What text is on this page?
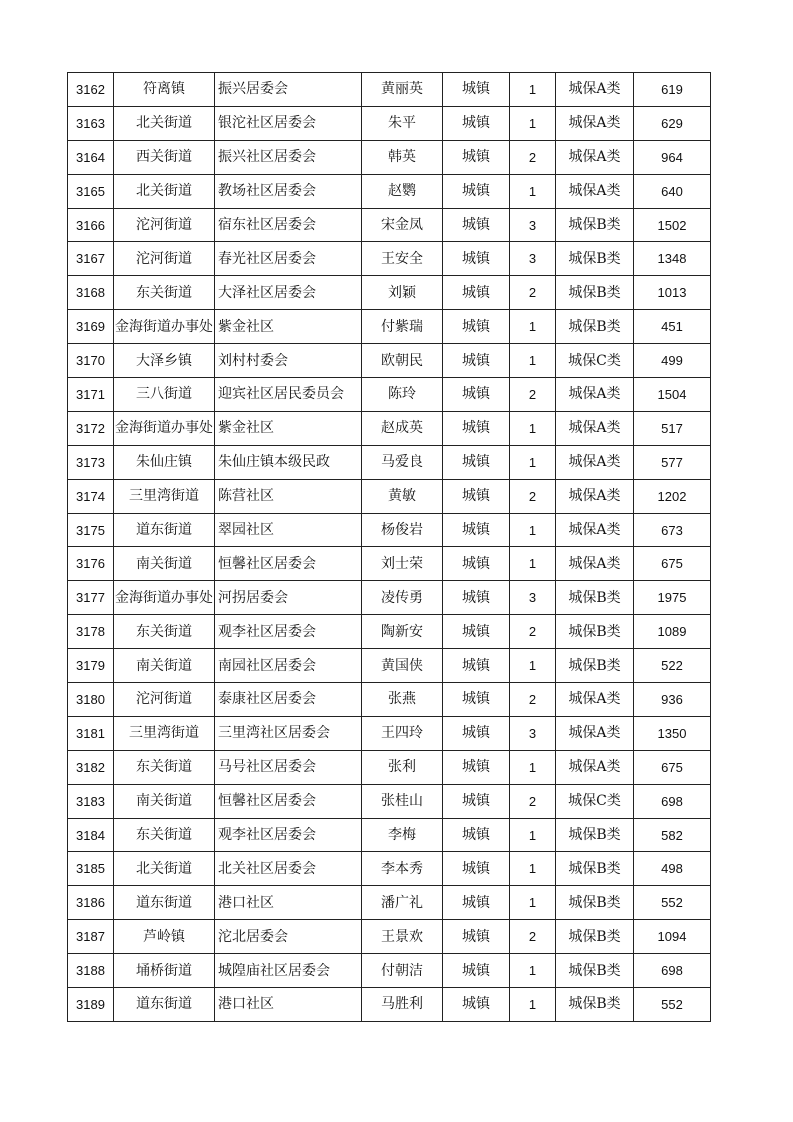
3162	符离镇	振兴居委会	黄丽英	城镇	1	城保A类	619
3163	北关街道	银沱社区居委会	朱平	城镇	1	城保A类	629
3164	西关街道	振兴社区居委会	韩英	城镇	2	城保A类	964
3165	北关街道	教场社区居委会	赵鹦	城镇	1	城保A类	640
3166	沱河街道	宿东社区居委会	宋金凤	城镇	3	城保B类	1502
3167	沱河街道	春光社区居委会	王安全	城镇	3	城保B类	1348
3168	东关街道	大泽社区居委会	刘颖	城镇	2	城保B类	1013
3169	金海街道办事处	紫金社区	付紫瑞	城镇	1	城保B类	451
3170	大泽乡镇	刘村村委会	欧朝民	城镇	1	城保C类	499
3171	三八街道	迎宾社区居民委员会	陈玲	城镇	2	城保A类	1504
3172	金海街道办事处	紫金社区	赵成英	城镇	1	城保A类	517
3173	朱仙庄镇	朱仙庄镇本级民政	马爱良	城镇	1	城保A类	577
3174	三里湾街道	陈营社区	黄敏	城镇	2	城保A类	1202
3175	道东街道	翠园社区	杨俊岩	城镇	1	城保A类	673
3176	南关街道	恒馨社区居委会	刘士荣	城镇	1	城保A类	675
3177	金海街道办事处	河拐居委会	凌传勇	城镇	3	城保B类	1975
3178	东关街道	观李社区居委会	陶新安	城镇	2	城保B类	1089
3179	南关街道	南园社区居委会	黄国侠	城镇	1	城保B类	522
3180	沱河街道	泰康社区居委会	张燕	城镇	2	城保A类	936
3181	三里湾街道	三里湾社区居委会	王四玲	城镇	3	城保A类	1350
3182	东关街道	马号社区居委会	张利	城镇	1	城保A类	675
3183	南关街道	恒馨社区居委会	张桂山	城镇	2	城保C类	698
3184	东关街道	观李社区居委会	李梅	城镇	1	城保B类	582
3185	北关街道	北关社区居委会	李本秀	城镇	1	城保B类	498
3186	道东街道	港口社区	潘广礼	城镇	1	城保B类	552
3187	芦岭镇	沱北居委会	王景欢	城镇	2	城保B类	1094
3188	埇桥街道	城隍庙社区居委会	付朝洁	城镇	1	城保B类	698
3189	道东街道	港口社区	马胜利	城镇	1	城保B类	552
